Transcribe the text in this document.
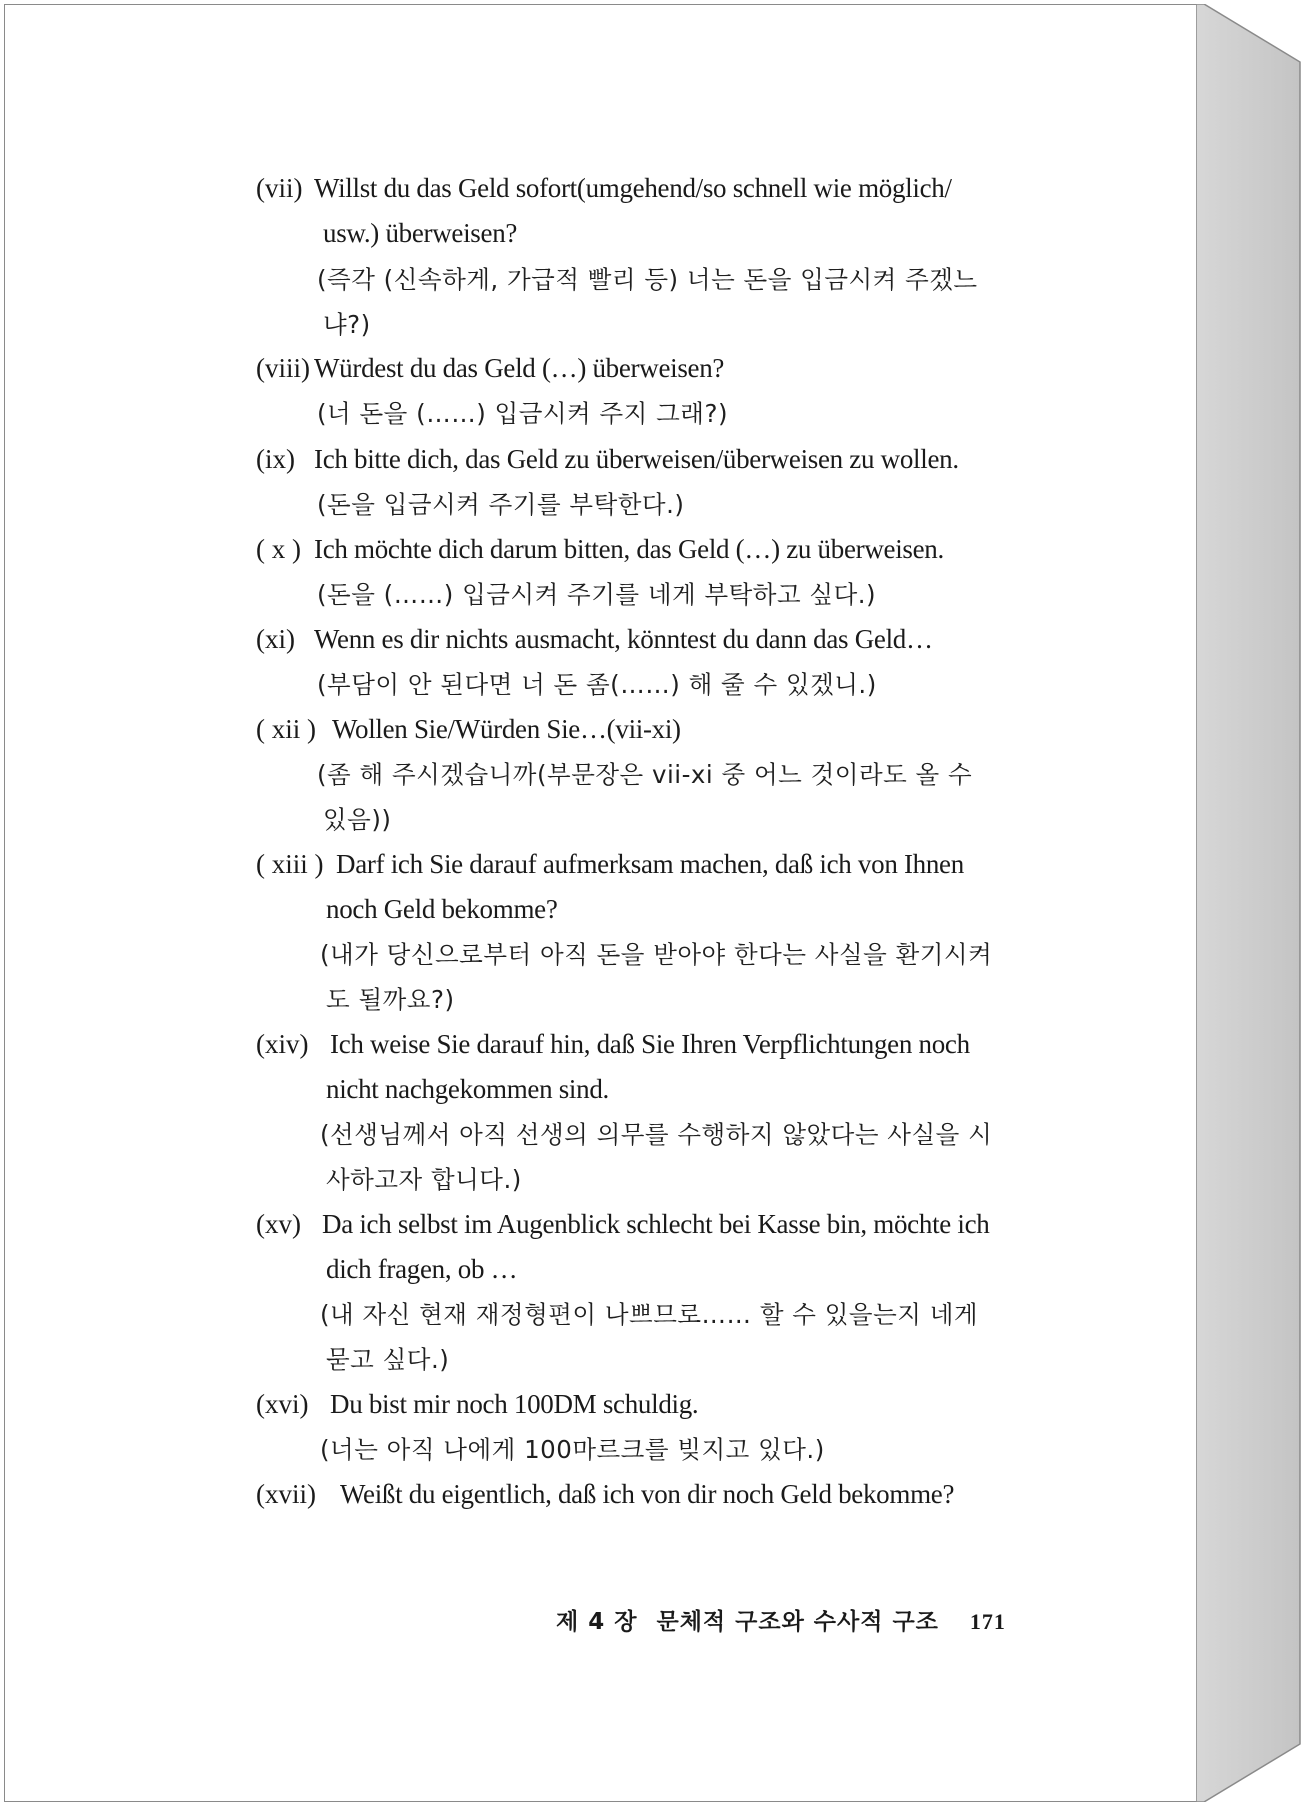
(vii) Willst du das Geld sofort(umgehend/so schnell wie möglich/
usw.) überweisen?
(즉각 (신속하게, 가급적 빨리 등) 너는 돈을 입금시켜 주겠느
냐?)
(viii) Würdest du das Geld (…) überweisen?
(너 돈을 (……) 입금시켜 주지 그래?)
(ix) Ich bitte dich, das Geld zu überweisen/überweisen zu wollen.
(돈을 입금시켜 주기를 부탁한다.)
( x ) Ich möchte dich darum bitten, das Geld (…) zu überweisen.
(돈을 (……) 입금시켜 주기를 네게 부탁하고 싶다.)
(xi) Wenn es dir nichts ausmacht, könntest du dann das Geld…
(부담이 안 된다면 너 돈 좀(……) 해 줄 수 있겠니.)
( xii ) Wollen Sie/Würden Sie…(vii-xi)
(좀 해 주시겠습니까(부문장은 vii-xi 중 어느 것이라도 올 수
있음))
( xiii ) Darf ich Sie darauf aufmerksam machen, daß ich von Ihnen
noch Geld bekomme?
(내가 당신으로부터 아직 돈을 받아야 한다는 사실을 환기시켜
도 될까요?)
(xiv) Ich weise Sie darauf hin, daß Sie Ihren Verpflichtungen noch
nicht nachgekommen sind.
(선생님께서 아직 선생의 의무를 수행하지 않았다는 사실을 시
사하고자 합니다.)
(xv) Da ich selbst im Augenblick schlecht bei Kasse bin, möchte ich
dich fragen, ob …
(내 자신 현재 재정형편이 나쁘므로…… 할 수 있을는지 네게
묻고 싶다.)
(xvi) Du bist mir noch 100DM schuldig.
(너는 아직 나에게 100마르크를 빚지고 있다.)
(xvii) Weißt du eigentlich, daß ich von dir noch Geld bekomme?
제 4 장 문체적 구조와 수사적 구조 171
